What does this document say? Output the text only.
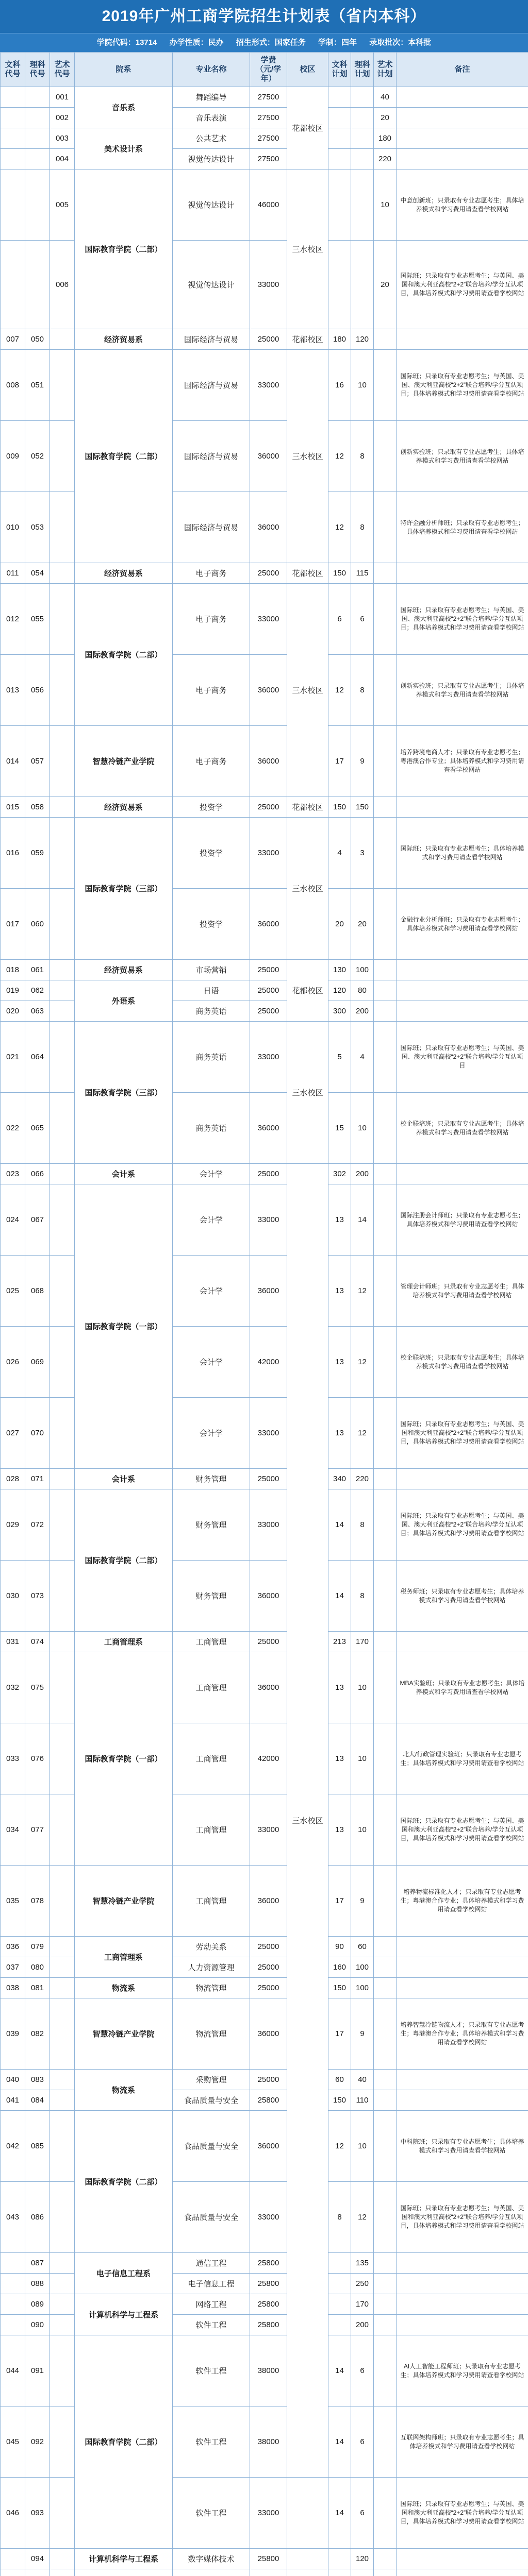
2019年广州工商学院招生计划表（省内本科）
学院代码：13714 办学性质：民办 招生形式：国家任务 学制：四年 录取批次：本科批
文科代号	理科代号	艺术代号	院系	专业名称	学费（元/学年）	校区	文科计划	理科计划	艺术计划	备注
		001	音乐系	舞蹈编导	27500	花都校区			40	
		002		音乐表演	27500				20	
		003	美术设计系	公共艺术	27500				180	
		004		视觉传达设计	27500				220	
		005	国际教育学院（二部）	视觉传达设计	46000	三水校区			10	中意创新班；只录取有专业志愿考生；具体培养模式和学习费用请查看学校网站
		006		视觉传达设计	33000				20	国际班；只录取有专业志愿考生；与英国、美国和澳大利亚高校“2+2”联合培养/学分互认项目，具体培养模式和学习费用请查看学校网站
007	050		经济贸易系	国际经济与贸易	25000	花都校区	180	120		
008	051		国际教育学院（二部）	国际经济与贸易	33000	三水校区	16	10		国际班；只录取有专业志愿考生；与英国、美国、澳大利亚高校“2+2”联合培养/学分互认项目；具体培养模式和学习费用请查看学校网站
009	052			国际经济与贸易	36000		12	8		创新实验班；只录取有专业志愿考生；具体培养模式和学习费用请查看学校网站
010	053			国际经济与贸易	36000		12	8		特许金融分析师班；只录取有专业志愿考生；具体培养模式和学习费用请查看学校网站
011	054		经济贸易系	电子商务	25000	花都校区	150	115		
012	055		国际教育学院（二部）	电子商务	33000	三水校区	6	6		国际班；只录取有专业志愿考生；与英国、美国、澳大利亚高校“2+2”联合培养/学分互认项目；具体培养模式和学习费用请查看学校网站
013	056			电子商务	36000		12	8		创新实验班；只录取有专业志愿考生；具体培养模式和学习费用请查看学校网站
014	057		智慧冷链产业学院	电子商务	36000		17	9		培养跨境电商人才；只录取有专业志愿考生；粤港澳合作专业；具体培养模式和学习费用请查看学校网站
015	058		经济贸易系	投资学	25000	花都校区	150	150		
016	059		国际教育学院（三部）	投资学	33000	三水校区	4	3		国际班；只录取有专业志愿考生；具体培养模式和学习费用请查看学校网站
017	060			投资学	36000		20	20		金融行业分析师班；只录取有专业志愿考生；具体培养模式和学习费用请查看学校网站
018	061		经济贸易系	市场营销	25000	花都校区	130	100		
019	062		外语系	日语	25000		120	80		
020	063			商务英语	25000		300	200		
021	064		国际教育学院（三部）	商务英语	33000	三水校区	5	4		国际班；只录取有专业志愿考生；与英国、美国、澳大利亚高校“2+2”联合培养/学分互认项目
022	065			商务英语	36000		15	10		校企联培班；只录取有专业志愿考生；具体培养模式和学习费用请查看学校网站
023	066		会计系	会计学	25000	三水校区	302	200		
024	067		国际教育学院（一部）	会计学	33000		13	14		国际注册会计师班；只录取有专业志愿考生；具体培养模式和学习费用请查看学校网站
025	068			会计学	36000		13	12		管理会计师班；只录取有专业志愿考生；具体培养模式和学习费用请查看学校网站
026	069			会计学	42000		13	12		校企联培班；只录取有专业志愿考生；具体培养模式和学习费用请查看学校网站
027	070			会计学	33000		13	12		国际班；只录取有专业志愿考生；与英国、美国和澳大利亚高校“2+2”联合培养/学分互认项目，具体培养模式和学习费用请查看学校网站
028	071		会计系	财务管理	25000		340	220		
029	072		国际教育学院（二部）	财务管理	33000		14	8		国际班；只录取有专业志愿考生；与英国、美国、澳大利亚高校“2+2”联合培养/学分互认项目；具体培养模式和学习费用请查看学校网站
030	073			财务管理	36000		14	8		税务师班；只录取有专业志愿考生；具体培养模式和学习费用请查看学校网站
031	074		工商管理系	工商管理	25000		213	170		
032	075		国际教育学院（一部）	工商管理	36000		13	10		MBA实验班；只录取有专业志愿考生；具体培养模式和学习费用请查看学校网站
033	076			工商管理	42000		13	10		北大/行政管理实验班；只录取有专业志愿考生；具体培养模式和学习费用请查看学校网站
034	077			工商管理	33000		13	10		国际班；只录取有专业志愿考生；与英国、美国和澳大利亚高校“2+2”联合培养/学分互认项目，具体培养模式和学习费用请查看学校网站
035	078		智慧冷链产业学院	工商管理	36000		17	9		培养物流标准化人才；只录取有专业志愿考生；粤港澳合作专业；具体培养模式和学习费用请查看学校网站
036	079		工商管理系	劳动关系	25000		90	60		
037	080			人力资源管理	25000		160	100		
038	081		物流系	物流管理	25000		150	100		
039	082		智慧冷链产业学院	物流管理	36000		17	9		培养智慧冷链物流人才；只录取有专业志愿考生；粤港澳合作专业；具体培养模式和学习费用请查看学校网站
040	083		物流系	采购管理	25000		60	40		
041	084			食品质量与安全	25800		150	110		
042	085		国际教育学院（二部）	食品质量与安全	36000		12	10		中科院班；只录取有专业志愿考生；具体培养模式和学习费用请查看学校网站
043	086			食品质量与安全	33000		8	12		国际班；只录取有专业志愿考生；与英国、美国和澳大利亚高校“2+2”联合培养/学分互认项目，具体培养模式和学习费用请查看学校网站
	087		电子信息工程系	通信工程	25800			135		
	088			电子信息工程	25800			250		
	089		计算机科学与工程系	网络工程	25800			170		
	090			软件工程	25800			200		
044	091		国际教育学院（二部）	软件工程	38000		14	6		AI人工智能工程师班；只录取有专业志愿考生；具体培养模式和学习费用请查看学校网站
045	092			软件工程	38000		14	6		互联网架构师班；只录取有专业志愿考生；具体培养模式和学习费用请查看学校网站
046	093			软件工程	33000		14	6		国际班；只录取有专业志愿考生；与英国、美国和澳大利亚高校“2+2”联合培养/学分互认项目，具体培养模式和学习费用请查看学校网站
	094		计算机科学与工程系	数字媒体技术	25800			120		
